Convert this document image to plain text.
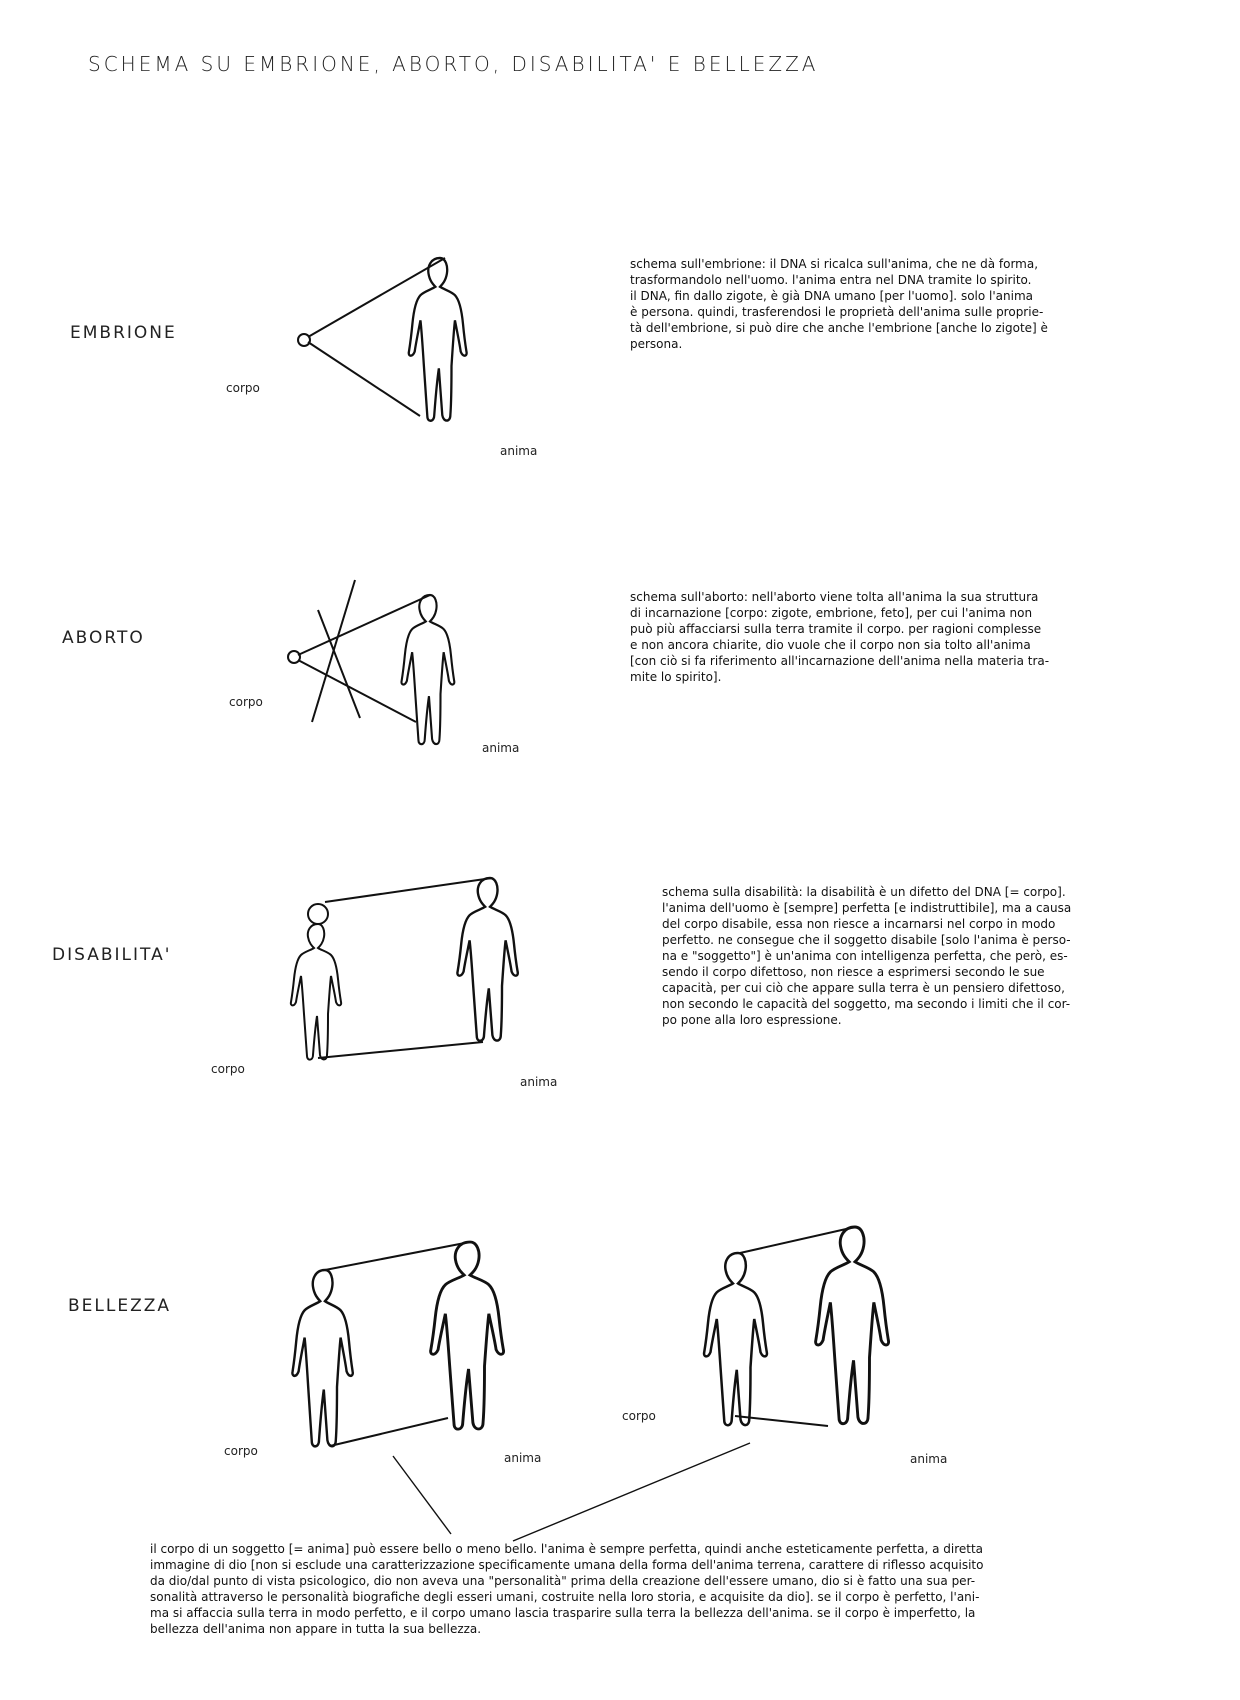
SCHEMA SU EMBRIONE, ABORTO, DISABILITA' E BELLEZZA
EMBRIONE
corpo
anima
schema sull'embrione: il DNA si ricalca sull'anima, che ne dà forma,
trasformandolo nell'uomo. l'anima entra nel DNA tramite lo spirito.
il DNA, fin dallo zigote, è già DNA umano [per l'uomo]. solo l'anima
è persona. quindi, trasferendosi le proprietà dell'anima sulle proprie-
tà dell'embrione, si può dire che anche l'embrione [anche lo zigote] è
persona.
ABORTO
corpo
anima
schema sull'aborto: nell'aborto viene tolta all'anima la sua struttura
di incarnazione [corpo: zigote, embrione, feto], per cui l'anima non
può più affacciarsi sulla terra tramite il corpo. per ragioni complesse
e non ancora chiarite, dio vuole che il corpo non sia tolto all'anima
[con ciò si fa riferimento all'incarnazione dell'anima nella materia tra-
mite lo spirito].
DISABILITA'
corpo
anima
schema sulla disabilità: la disabilità è un difetto del DNA [= corpo].
l'anima dell'uomo è [sempre] perfetta [e indistruttibile], ma a causa
del corpo disabile, essa non riesce a incarnarsi nel corpo in modo
perfetto. ne consegue che il soggetto disabile [solo l'anima è perso-
na e "soggetto"] è un'anima con intelligenza perfetta, che però, es-
sendo il corpo difettoso, non riesce a esprimersi secondo le sue
capacità, per cui ciò che appare sulla terra è un pensiero difettoso,
non secondo le capacità del soggetto, ma secondo i limiti che il cor-
po pone alla loro espressione.
BELLEZZA
corpo	anima
corpo
anima
il corpo di un soggetto [= anima] può essere bello o meno bello. l'anima è sempre perfetta, quindi anche esteticamente perfetta, a diretta
immagine di dio [non si esclude una caratterizzazione specificamente umana della forma dell'anima terrena, carattere di riflesso acquisito
da dio/dal punto di vista psicologico, dio non aveva una "personalità" prima della creazione dell'essere umano, dio si è fatto una sua per-
sonalità attraverso le personalità biografiche degli esseri umani, costruite nella loro storia, e acquisite da dio]. se il corpo è perfetto, l'ani-
ma si affaccia sulla terra in modo perfetto, e il corpo umano lascia trasparire sulla terra la bellezza dell'anima. se il corpo è imperfetto, la
bellezza dell'anima non appare in tutta la sua bellezza.
